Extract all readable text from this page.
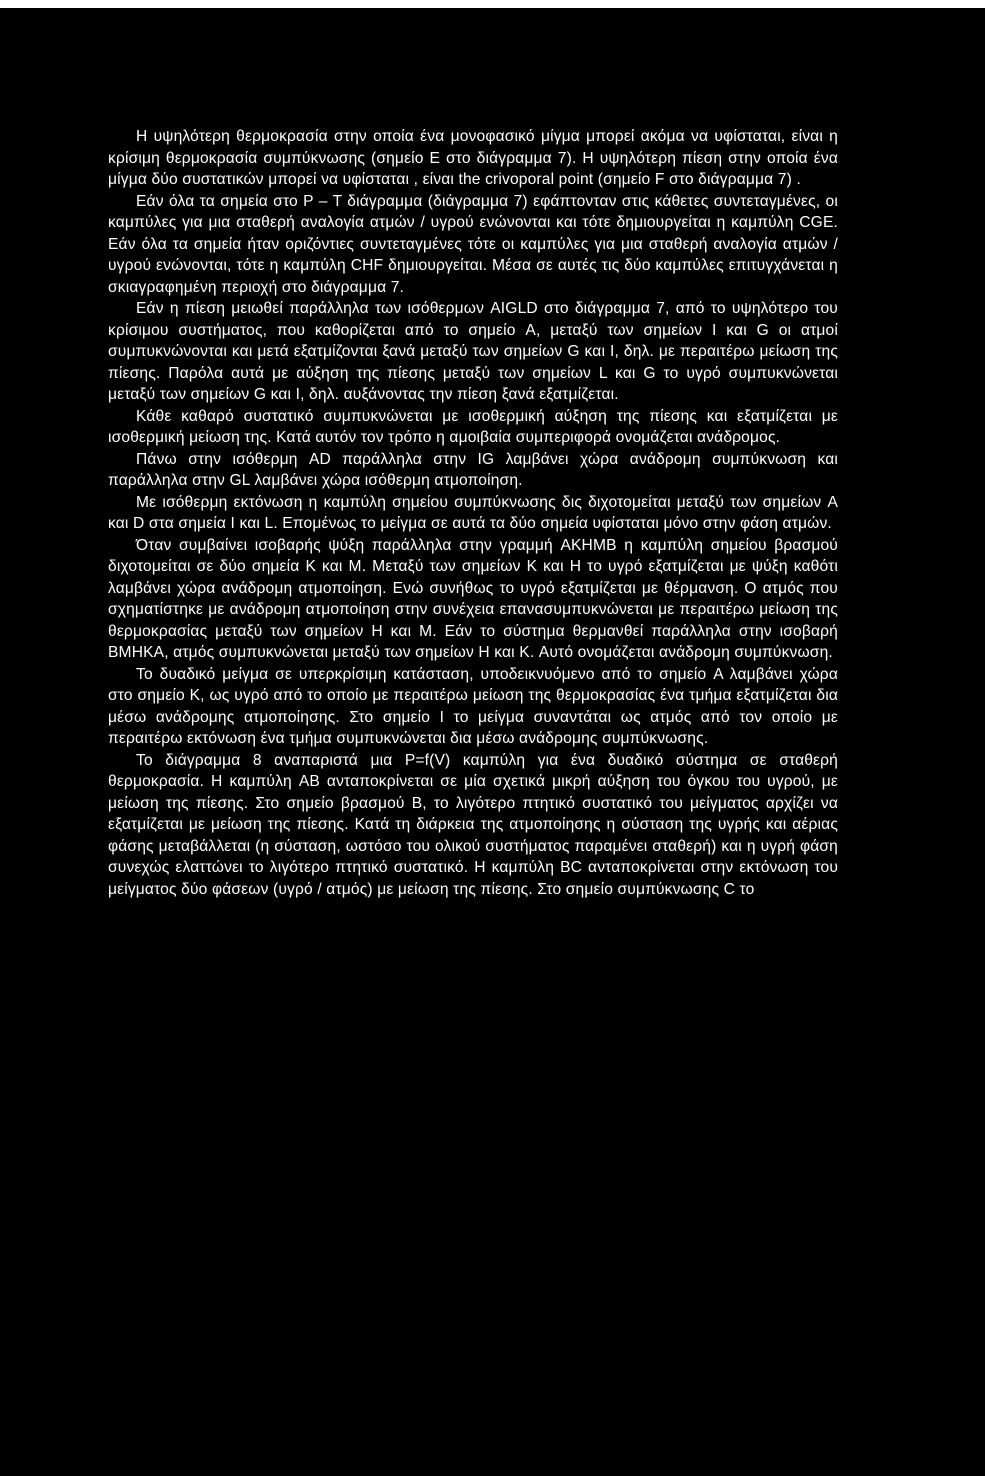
Η υψηλότερη θερμοκρασία στην οποία ένα μονοφασικό μίγμα μπορεί ακόμα να υφίσταται, είναι η κρίσιμη θερμοκρασία συμπύκνωσης (σημείο E στο διάγραμμα 7). Η υψηλότερη πίεση στην οποία ένα μίγμα δύο συστατικών μπορεί να υφίσταται , είναι the crivoporal point (σημείο F στο διάγραμμα 7) .

Εάν όλα τα σημεία στο P – T διάγραμμα (διάγραμμα 7) εφάπτονταν στις κάθετες συντεταγμένες, οι καμπύλες για μια σταθερή αναλογία ατμών / υγρού ενώνονται και τότε δημιουργείται η καμπύλη CGE. Εάν όλα τα σημεία ήταν οριζόντιες συντεταγμένες τότε οι καμπύλες για μια σταθερή αναλογία ατμών / υγρού ενώνονται, τότε η καμπύλη CHF δημιουργείται. Μέσα σε αυτές τις δύο καμπύλες επιτυγχάνεται η σκιαγραφημένη περιοχή στο διάγραμμα 7.

Εάν η πίεση μειωθεί παράλληλα των ισόθερμων AIGLD στο διάγραμμα 7, από το υψηλότερο του κρίσιμου συστήματος, που καθορίζεται από το σημείο A, μεταξύ των σημείων I και G οι ατμοί συμπυκνώνονται και μετά εξατμίζονται ξανά μεταξύ των σημείων G και I, δηλ. με περαιτέρω μείωση της πίεσης. Παρόλα αυτά με αύξηση της πίεσης μεταξύ των σημείων L και G το υγρό συμπυκνώνεται μεταξύ των σημείων G και I, δηλ. αυξάνοντας την πίεση ξανά εξατμίζεται.

Κάθε καθαρό συστατικό συμπυκνώνεται με ισοθερμική αύξηση της πίεσης και εξατμίζεται με ισοθερμική μείωση της. Κατά αυτόν τον τρόπο η αμοιβαία συμπεριφορά ονομάζεται ανάδρομος.

Πάνω στην ισόθερμη AD παράλληλα στην IG λαμβάνει χώρα ανάδρομη συμπύκνωση και παράλληλα στην GL λαμβάνει χώρα ισόθερμη ατμοποίηση.

Με ισόθερμη εκτόνωση η καμπύλη σημείου συμπύκνωσης δις διχοτομείται μεταξύ των σημείων A και D στα σημεία I και L. Επομένως το μείγμα σε αυτά τα δύο σημεία υφίσταται μόνο στην φάση ατμών.

Όταν συμβαίνει ισοβαρής ψύξη παράλληλα στην γραμμή AKHMB η καμπύλη σημείου βρασμού διχοτομείται σε δύο σημεία K και M. Μεταξύ των σημείων K και H το υγρό εξατμίζεται με ψύξη καθότι λαμβάνει χώρα ανάδρομη ατμοποίηση. Ενώ συνήθως το υγρό εξατμίζεται με θέρμανση. Ο ατμός που σχηματίστηκε με ανάδρομη ατμοποίηση στην συνέχεια επανασυμπυκνώνεται με περαιτέρω μείωση της θερμοκρασίας μεταξύ των σημείων H και M. Εάν το σύστημα θερμανθεί παράλληλα στην ισοβαρή BMHKA, ατμός συμπυκνώνεται μεταξύ των σημείων H και K. Αυτό ονομάζεται ανάδρομη συμπύκνωση.

Το δυαδικό μείγμα σε υπερκρίσιμη κατάσταση, υποδεικνυόμενο από το σημείο A λαμβάνει χώρα στο σημείο K, ως υγρό από το οποίο με περαιτέρω μείωση της θερμοκρασίας ένα τμήμα εξατμίζεται δια μέσω ανάδρομης ατμοποίησης. Στο σημείο I το μείγμα συναντάται ως ατμός από τον οποίο με περαιτέρω εκτόνωση ένα τμήμα συμπυκνώνεται δια μέσω ανάδρομης συμπύκνωσης.

Το διάγραμμα 8 αναπαριστά μια P=f(V) καμπύλη για ένα δυαδικό σύστημα σε σταθερή θερμοκρασία. Η καμπύλη AB ανταποκρίνεται σε μία σχετικά μικρή αύξηση του όγκου του υγρού, με μείωση της πίεσης. Στο σημείο βρασμού B, το λιγότερο πτητικό συστατικό του μείγματος αρχίζει να εξατμίζεται με μείωση της πίεσης. Κατά τη διάρκεια της ατμοποίησης η σύσταση της υγρής και αέριας φάσης μεταβάλλεται (η σύσταση, ωστόσο του ολικού συστήματος παραμένει σταθερή) και η υγρή φάση συνεχώς ελαττώνει το λιγότερο πτητικό συστατικό. Η καμπύλη BC ανταποκρίνεται στην εκτόνωση του μείγματος δύο φάσεων (υγρό / ατμός) με μείωση της πίεσης. Στο σημείο συμπύκνωσης C το
